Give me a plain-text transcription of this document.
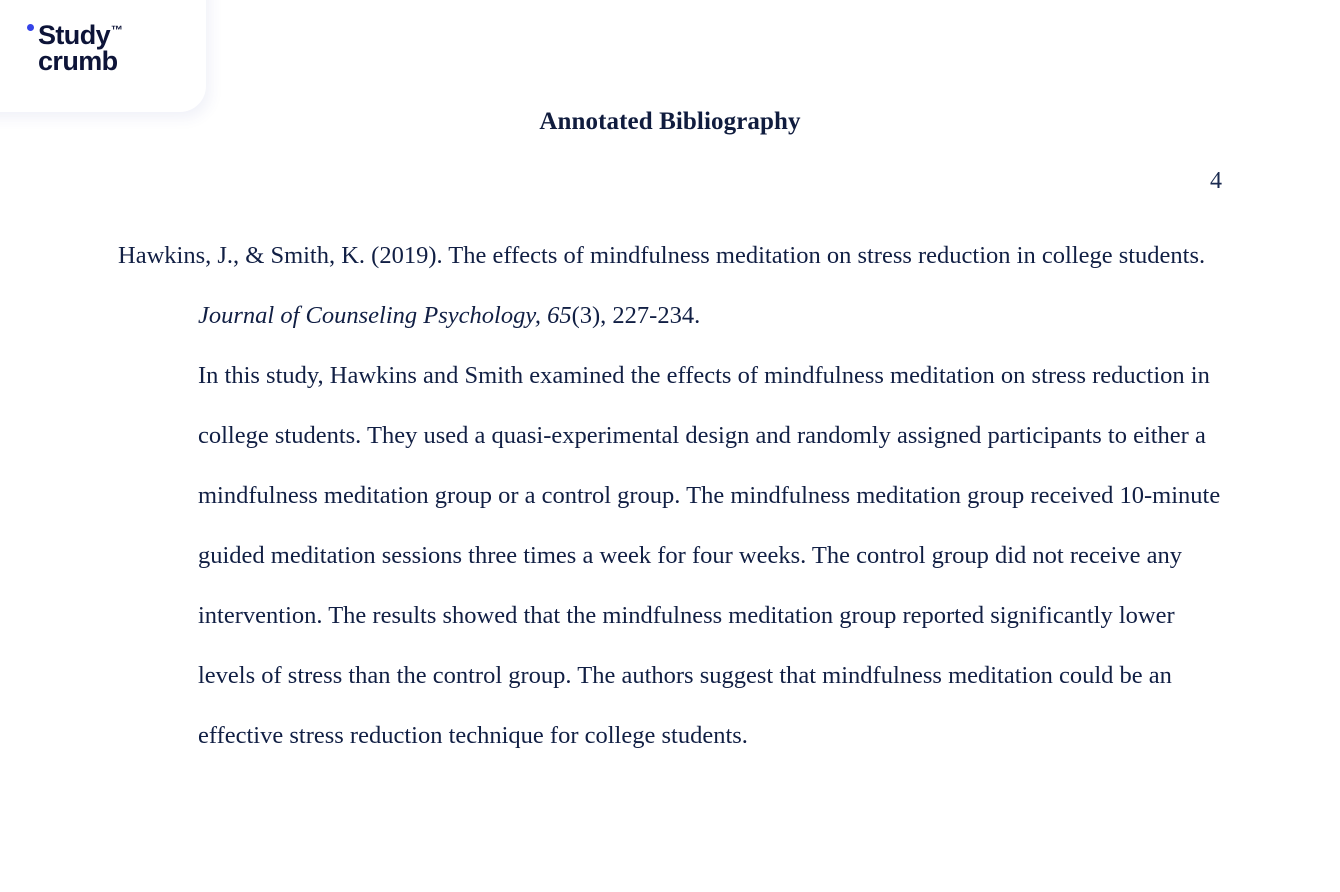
Study™
crumb
Annotated Bibliography
4
Hawkins, J., & Smith, K. (2019). The effects of mindfulness meditation on stress reduction in college students. Journal of Counseling Psychology, 65(3), 227-234.
In this study, Hawkins and Smith examined the effects of mindfulness meditation on stress reduction in college students. They used a quasi-experimental design and randomly assigned participants to either a mindfulness meditation group or a control group. The mindfulness meditation group received 10-minute guided meditation sessions three times a week for four weeks. The control group did not receive any intervention. The results showed that the mindfulness meditation group reported significantly lower levels of stress than the control group. The authors suggest that mindfulness meditation could be an effective stress reduction technique for college students.
